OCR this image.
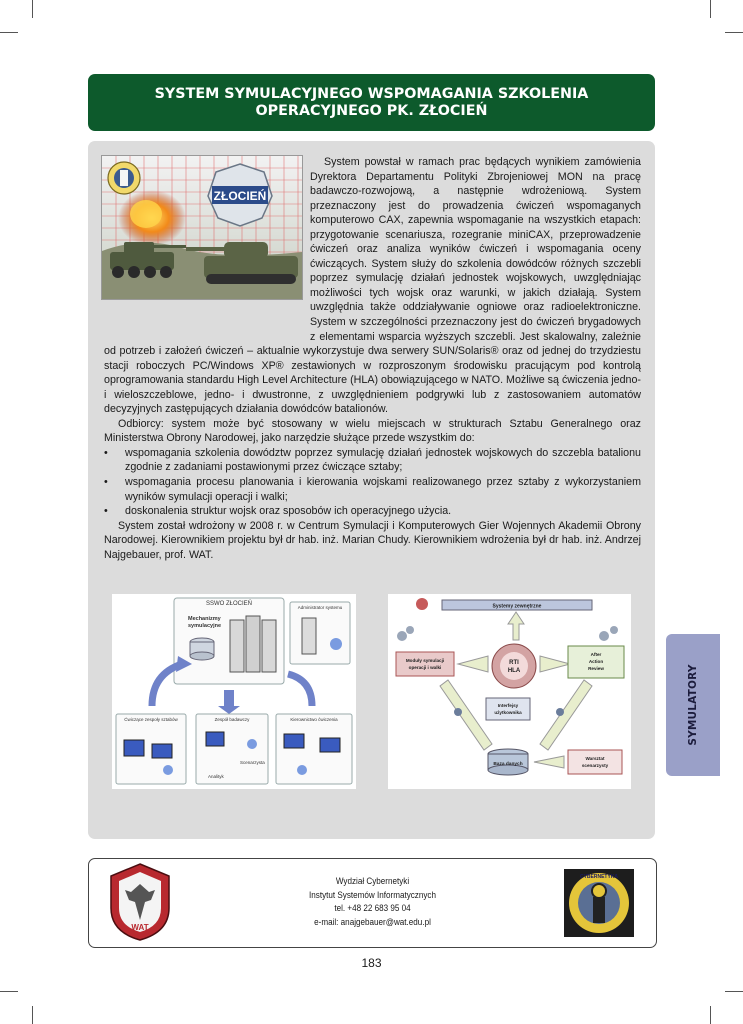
SYSTEM SYMULACYJNEGO WSPOMAGANIA SZKOLENIA
OPERACYJNEGO PK. ZŁOCIEŃ
ZŁOCIEŃ

System powstał w ramach prac będących wynikiem zamówienia Dyrektora Departamentu Polityki Zbrojeniowej MON na pracę badawczo-rozwojową, a następnie wdrożeniową. System przeznaczony jest do prowadzenia ćwiczeń wspomaganych komputerowo CAX, zapewnia wspomaganie na wszystkich etapach: przygotowanie scenariusza, rozegranie miniCAX, przeprowadzenie ćwiczeń oraz analiza wyników ćwiczeń i wspomagania oceny ćwiczących. System służy do szkolenia dowódców różnych szczebli poprzez symulację działań jednostek wojskowych, uwzględniając możliwości tych wojsk oraz warunki, w jakich działają. System uwzględnia także oddziaływanie ogniowe oraz radioelektroniczne. System w szczególności przeznaczony jest do ćwiczeń brygadowych z elementami wsparcia wyższych szczebli. Jest skalowalny, zależnie od potrzeb i założeń ćwiczeń – aktualnie wykorzystuje dwa serwery SUN/Solaris® oraz od jednej do trzydziestu stacji roboczych PC/Windows XP® zestawionych w rozproszonym środowisku pracującym pod kontrolą oprogramowania standardu High Level Architecture (HLA) obowiązującego w NATO. Możliwe są ćwiczenia jedno- i wieloszczeblowe, jedno- i dwustronne, z uwzględnieniem podgrywki lub z zastosowaniem automatów decyzyjnych zastępujących działania dowódców batalionów.

Odbiorcy: system może być stosowany w wielu miejscach w strukturach Sztabu Generalnego oraz Ministerstwa Obrony Narodowej, jako narzędzie służące przede wszystkim do:

• wspomagania szkolenia dowództw poprzez symulację działań jednostek wojskowych do szczebla batalionu zgodnie z zadaniami postawionymi przez ćwiczące sztaby;
• wspomagania procesu planowania i kierowania wojskami realizowanego przez sztaby z wykorzystaniem wyników symulacji operacji i walki;
• doskonalenia struktur wojsk oraz sposobów ich operacyjnego użycia.

System został wdrożony w 2008 r. w Centrum Symulacji i Komputerowych Gier Wojennych Akademii Obrony Narodowej. Kierownikiem projektu był dr hab. inż. Marian Chudy. Kierownikiem wdrożenia był dr hab. inż. Andrzej Najgebauer, prof. WAT.

SSWO ZŁOCIEŃ
Mechanizmy
symulacyjne
Administrator systemu
Ćwiczące zespoły sztabów	Zespół badawczy	Kierownictwo ćwiczenia
Scenarzysta
Analityk
Systemy zewnętrzne
Moduły symulacji
operacji i walki
RTI
HLA
After
Action
Review
Interfejsy
użytkownika
Baza danych
Warsztat
scenarzysty
SYMULATORY
WAT
Wydział Cybernetyki
Instytut Systemów Informatycznych
tel. +48 22 683 95 04
e-mail: anajgebauer@wat.edu.pl
CYBERNETYKA
183
